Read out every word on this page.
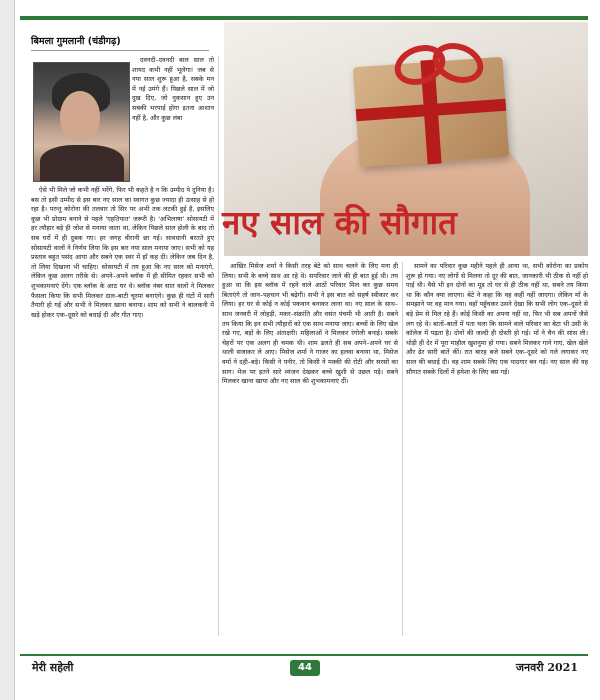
बिमला गुमलानी (चंडीगढ़)
नए साल की सौगात

दवनदी–दवनदी बाल साल तो शायद कभी नहीं भूलेगा! जब से नया साल शुरू हुआ है, सबके मन में नई उमंगे हैं। पिछले साल में जो दुख दिए, जो नुकसान हुए उन सबकी भरपाई होगा इतना आशान नहीं है, और कुछ लंबा

ऐसे भी मिले जो कभी नहीं भरेंगे, फिर भी कहते है न कि उम्मीद पे दुनिया है। बस तो इसी उम्मीद से इस बार नए साल का स्वागत कुछ ज्यादा ही उत्साह से हो रहा है। परन्तु कोरोना की तलवार तो सिर पर अभी तक लटकी हुई है, इसलिए कुछ भी प्रोग्राम बनाने से पहले 'एहतियात' जरूरी है। 'अभिलाषा' सोसायटी में हर त्यौहार बड़े ही जोश से मनाया जाता था, लेकिन पिछले साल होली के बाद तो सब घरों में ही दुबक गए। हर जगह वीरानी छा गई। सावधानी बरतते हुए सोसायटी वालों ने निर्णय लिया कि इस बार नया साल मनाया जाए। सभी को यह प्रस्ताव बहुत पसंद आया और सबने एक स्वर में हाँ कह दी। लेकिन जब दिन है, तो लिया दिखाना भी चाहिए। सोसायटी में तय हुआ कि नए साल को मनाएंगे, लेकिन कुछ अलग तरीके से। अपने–अपने ब्लॉक में ही सीमित रहकर सभी को शुभकामनाएं देंगे। एक ब्लॉक के आठ घर थे। ब्लॉक नंबर सात वालों ने मिलकर फैसला किया कि सभी मिलकर दाल–बाटी चूरमा बनाएंगे। कुछ ही घंटों में सारी तैयारी हो गई और सभी ने मिलकर खाना बनाया। शाम को सभी ने बालकनी में खड़े होकर एक–दूसरे को बधाई दी और गीत गाए।

आखिर मिसेज शर्मा ने किसी तरह बेटे को साथ चलने के लिए मना ही लिया। सभी के बच्चे साथ आ रहे थे। सपरिवार जाने की ही बात हुई थी। तय हुआ था कि इस ब्लॉक में रहने वाले आठों परिवार मिल कर कुछ समय बिताएंगे तो जान–पहचान भी बढ़ेगी। सभी ने इस बात को सहर्ष स्वीकार कर लिया। हर घर से कोई न कोई पकवान बनाकर लाना था। नए साल के साथ–साथ जनवरी में लोहड़ी, मकर–संक्रांति और वसंत पंचमी भी आती है। सबने तय किया कि इन सभी त्यौहारों को एक साथ मनाया जाए। बच्चों के लिए खेल रखे गए, बड़ों के लिए अंताक्षरी। महिलाओं ने मिलकर रंगोली बनाई। सबके चेहरों पर एक अलग ही चमक थी। शाम ढलते ही सब अपने–अपने घर से थाली सजाकर ले आए। मिसेज शर्मा ने गाजर का हलवा बनाया था, मिसेज वर्मा ने दही–बड़े। किसी ने पनीर, तो किसी ने मक्की की रोटी और सरसों का साग। मेज पर इतने सारे व्यंजन देखकर बच्चे खुशी से उछल पड़े। सबने मिलकर खाना खाया और नए साल की शुभकामनाएं दीं।

सामने का परिवार कुछ महीने पहले ही आया था, सभी कोरोना का प्रकोप शुरू हो गया। नए लोगों से मिलना तो दूर की बात, जानकारी भी ठीक से नहीं हो पाई थी। वैसे भी इन दोनों का मूड तो घर से ही ठीक नहीं था, सबने तय किया था कि कौन क्या लाएगा। बेटे ने कहा कि वह कहीं नहीं जाएगा। लेकिन माँ के समझाने पर वह मान गया। वहाँ पहुँचकर उसने देखा कि सभी लोग एक–दूसरे से बड़े प्रेम से मिल रहे हैं। कोई किसी का अपना नहीं था, फिर भी सब अपनों जैसे लग रहे थे। बातों–बातों में पता चला कि सामने वाले परिवार का बेटा भी उसी के कॉलेज में पढ़ता है। दोनों की जल्दी ही दोस्ती हो गई। माँ ने चैन की सांस ली। थोड़ी ही देर में पूरा माहौल खुशनुमा हो गया। सबने मिलकर गाने गाए, खेल खेले और ढेर सारी बातें कीं। रात बारह बजे सबने एक–दूसरे को गले लगाकर नए साल की बधाई दी। वह शाम सबके लिए एक यादगार बन गई। नए साल की यह सौगात सबके दिलों में हमेशा के लिए बस गई।

मेरी सहेली	44	जनवरी 2021
